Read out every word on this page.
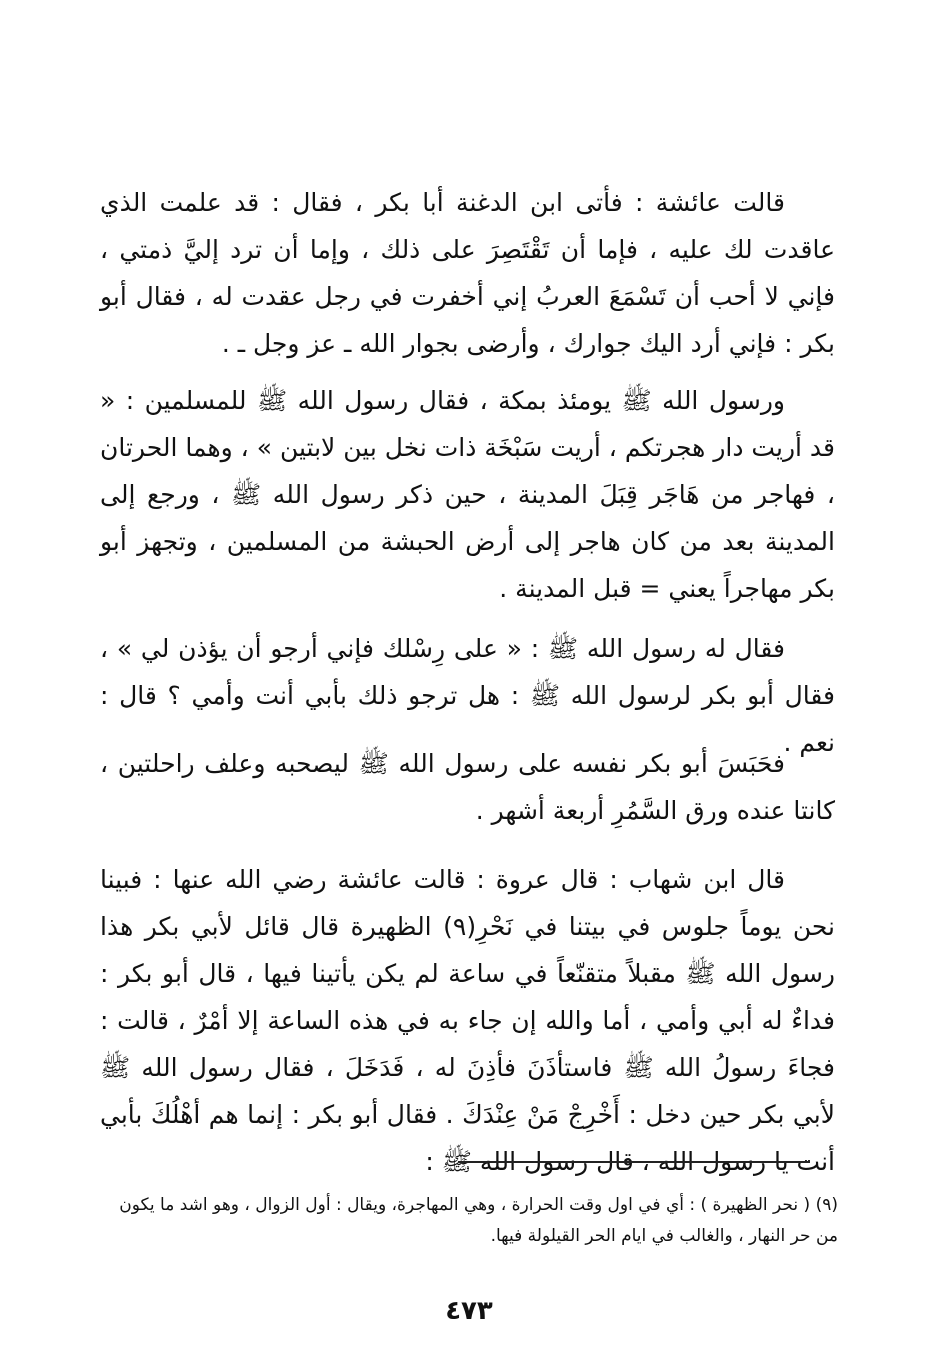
قالت عائشة : فأتى ابن الدغنة أبا بكر ، فقال : قد علمت الذي عاقدت لك عليه ، فإما أن تَقْتَصِرَ على ذلك ، وإما أن ترد إليَّ ذمتي ، فإني لا أحب أن تَسْمَعَ العربُ إني أخفرت في رجل عقدت له ، فقال أبو بكر : فإني أرد اليك جوارك ، وأرضى بجوار الله ـ عز وجل ـ .

ورسول الله ﷺ يومئذ بمكة ، فقال رسول الله ﷺ للمسلمين : « قد أريت دار هجرتكم ، أريت سَبْخَة ذات نخل بين لابتين » ، وهما الحرتان ، فهاجر من هَاجَر قِبَلَ المدينة ، حين ذكر رسول الله ﷺ ، ورجع إلى المدينة بعد من كان هاجر إلى أرض الحبشة من المسلمين ، وتجهز أبو بكر مهاجراً يعني = قبل المدينة .

فقال له رسول الله ﷺ : « على رِسْلك فإني أرجو أن يؤذن لي » ، فقال أبو بكر لرسول الله ﷺ : هل ترجو ذلك بأبي أنت وأمي ؟ قال : نعم .

فحَبَسَ أبو بكر نفسه على رسول الله ﷺ ليصحبه وعلف راحلتين ، كانتا عنده ورق السَّمُرِ أربعة أشهر .

قال ابن شهاب : قال عروة : قالت عائشة رضي الله عنها : فبينا نحن يوماً جلوس في بيتنا في نَحْرِ(٩) الظهيرة قال قائل لأبي بكر هذا رسول الله ﷺ مقبلاً متقنّعاً في ساعة لم يكن يأتينا فيها ، قال أبو بكر : فداءٌ له أبي وأمي ، أما والله إن جاء به في هذه الساعة إلا أمْرٌ ، قالت : فجاءَ رسولُ الله ﷺ فاستأذَنَ فأذِنَ له ، فَدَخَلَ ، فقال رسول الله ﷺ لأبي بكر حين دخل : أَخْرِجْ مَنْ عِنْدَكَ . فقال أبو بكر : إنما هم أهْلُكَ بأبي أنت يا رسول الله ، قال رسول الله ﷺ :

(٩) ( نحر الظهيرة ) : أي في اول وقت الحرارة ، وهي المهاجرة، ويقال : أول الزوال ، وهو اشد ما يكون من حر النهار ، والغالب في ايام الحر القيلولة فيها.

٤٧٣
